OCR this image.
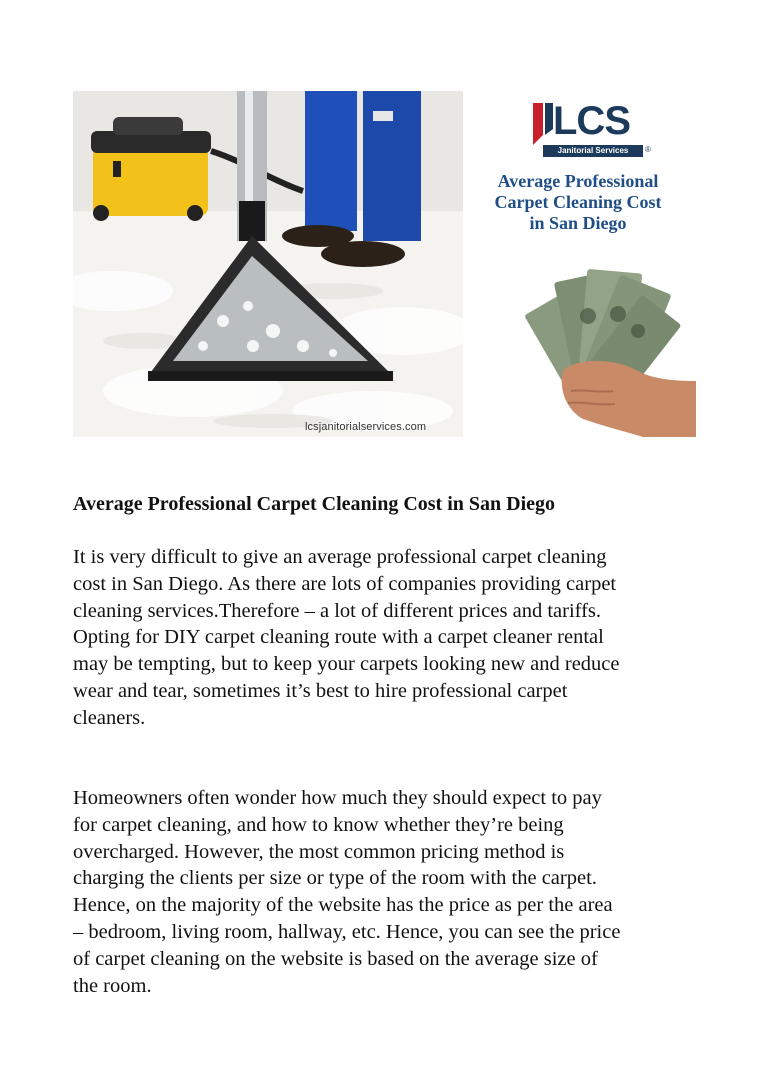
lcsjanitorialservices.com
LCS
Janitorial Services	®
Average Professional
Carpet Cleaning Cost
in San Diego
Average Professional Carpet Cleaning Cost in San Diego
It is very difficult to give an average professional carpet cleaning
cost in San Diego. As there are lots of companies providing carpet
cleaning services.Therefore – a lot of different prices and tariffs.
Opting for DIY carpet cleaning route with a carpet cleaner rental
may be tempting, but to keep your carpets looking new and reduce
wear and tear, sometimes it’s best to hire professional carpet
cleaners.
Homeowners often wonder how much they should expect to pay
for carpet cleaning, and how to know whether they’re being
overcharged. However, the most common pricing method is
charging the clients per size or type of the room with the carpet.
Hence, on the majority of the website has the price as per the area
– bedroom, living room, hallway, etc. Hence, you can see the price
of carpet cleaning on the website is based on the average size of
the room.
